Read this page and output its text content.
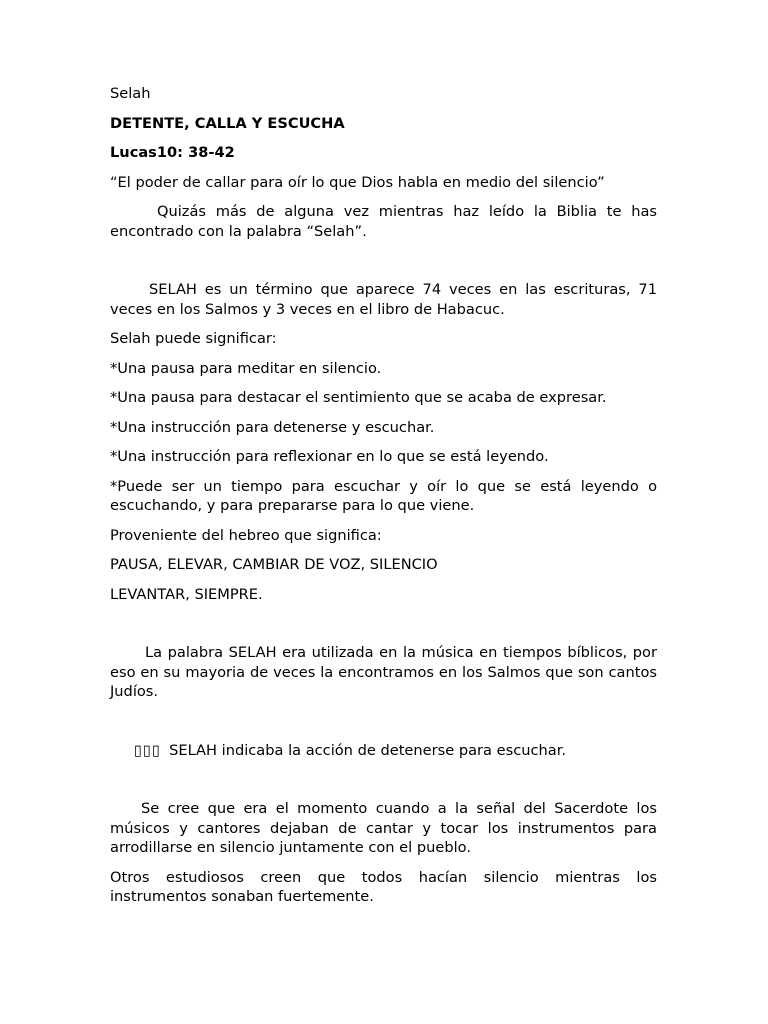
Selah

DETENTE, CALLA Y ESCUCHA

Lucas10: 38-42

“El poder de callar para oír lo que Dios habla en medio del silencio”

Quizás más de alguna vez mientras haz leído la Biblia te has encontrado con la palabra “Selah”.

SELAH es un término que aparece 74 veces en las escrituras, 71 veces en los Salmos y 3 veces en el libro de Habacuc.

Selah puede significar:

*Una pausa para meditar en silencio.

*Una pausa para destacar el sentimiento que se acaba de expresar.

*Una instrucción para detenerse y escuchar.

*Una instrucción para reflexionar en lo que se está leyendo.

*Puede ser un tiempo para escuchar y oír lo que se está leyendo o escuchando, y para prepararse para lo que viene.

Proveniente del hebreo que significa:

PAUSA, ELEVAR, CAMBIAR DE VOZ, SILENCIO

LEVANTAR, SIEMPRE.

La palabra SELAH era utilizada en la música en tiempos bíblicos, por eso en su mayoria de veces la encontramos en los Salmos que son cantos Judíos.

▯▯▯ SELAH indicaba la acción de detenerse para escuchar.

Se cree que era el momento cuando a la señal del Sacerdote los músicos y cantores dejaban de cantar y tocar los instrumentos para arrodillarse en silencio juntamente con el pueblo.

Otros estudiosos creen que todos hacían silencio mientras los instrumentos sonaban fuertemente.
